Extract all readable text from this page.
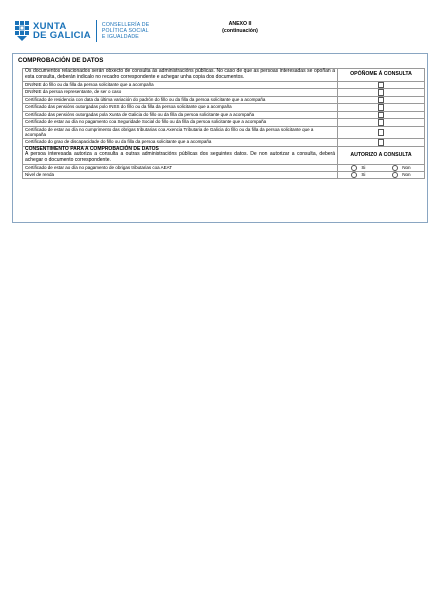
XUNTA
DE GALICIA
CONSELLERÍA DE
POLÍTICA SOCIAL
E IGUALDADE
ANEXO II
(continuación)
COMPROBACIÓN DE DATOS
Os documentos relacionados serán obxecto de consulta ás administracións públicas. No caso de que as persoas interesadas se opoñan a esta consulta, deberán indicalo no recadro correspondente e achegar unha copia dos documentos.	OPÓÑOME Á CONSULTA
DNI/NIE do fillo ou da filla da persoa solicitante que a acompaña	
DNI/NIE da persoa representante, de ser o caso	
Certificado de residencia con data da última variación do padrón do fillo ou da filla da persoa solicitante que a acompaña	
Certificado das pensións outorgadas polo INSS do fillo ou da filla da persoa solicitante que a acompaña	
Certificado das pensións outorgadas pola Xunta de Galicia do fillo ou da filla da persoa solicitante que a acompaña	
Certificado de estar ao día no pagamento coa Seguridade Social do fillo ou da filla da persoa solicitante que a acompaña	
Certificado de estar ao día no cumprimento das obrigas tributarias coa Axencia Tributaria de Galicia do fillo ou da filla da persoa solicitante que a acompaña	
Certificado do grao de discapacidade do fillo ou da filla da persoa solicitante que a acompaña	

CONSENTIMENTO PARA A COMPROBACIÓN DE DATOS
A persoa interesada autoriza a consulta a outras administracións públicas dos seguintes datos. De non autorizar a consulta, deberá achegar o documento correspondente.	AUTORIZO A CONSULTA
Certificado de estar ao día no pagamento de obrigas tributarias coa AEAT	Si Non

Nivel de renda	Si Non
